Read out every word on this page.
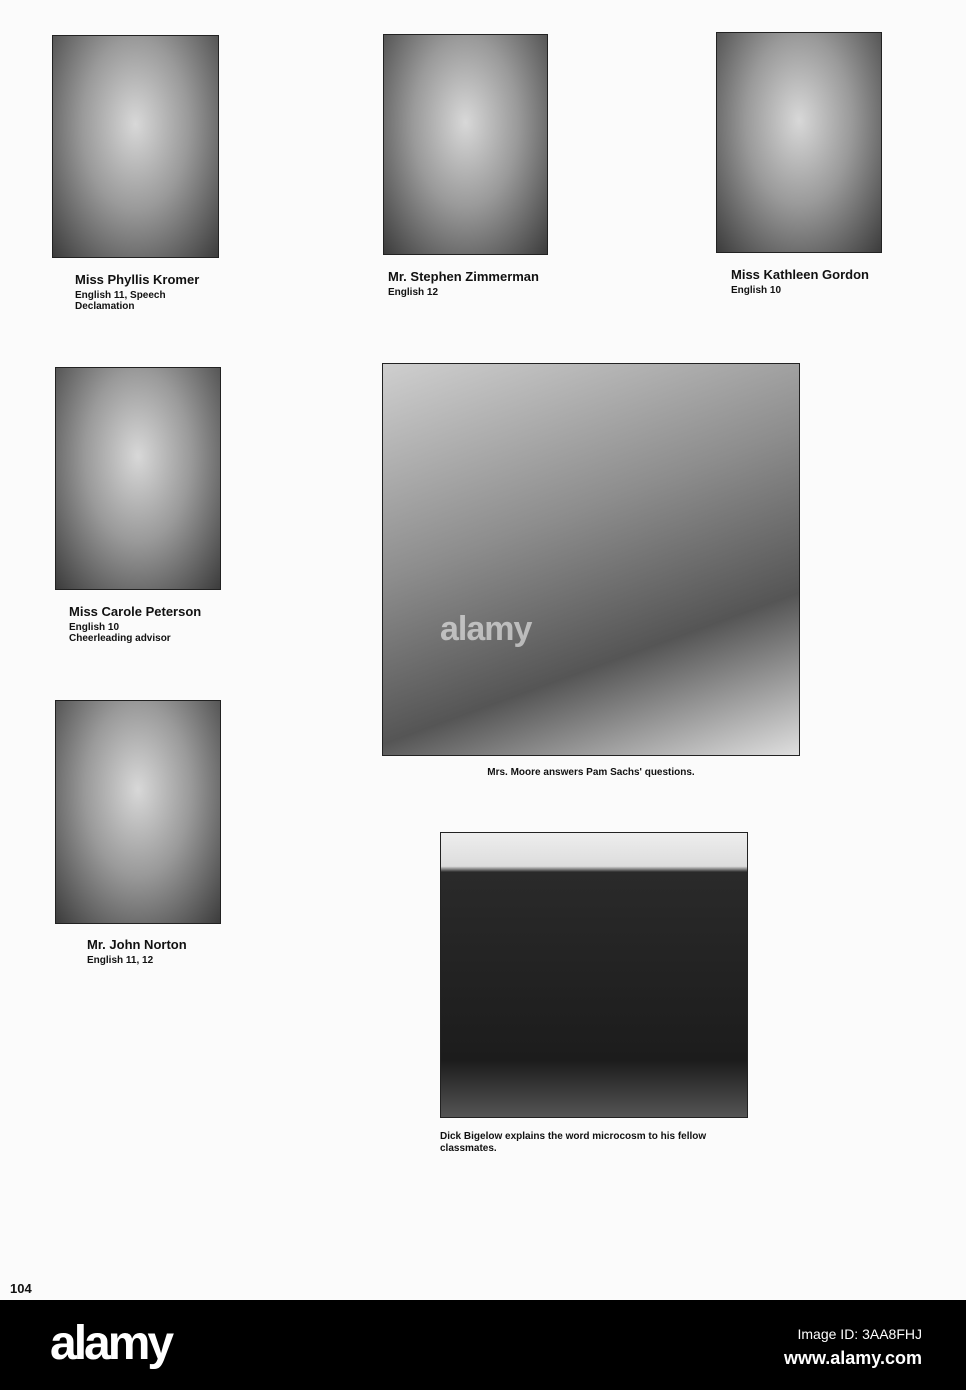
Miss Phyllis Kromer
English 11, Speech
Declamation
Mr. Stephen Zimmerman
English 12
Miss Kathleen Gordon
English 10
Miss Carole Peterson
English 10
Cheerleading advisor
Mrs. Moore answers Pam Sachs' questions.
Mr. John Norton
English 11, 12
Dick Bigelow explains the word microcosm to his fellow classmates.
alamy
104
alamy	Image ID: 3AA8FHJ
www.alamy.com
